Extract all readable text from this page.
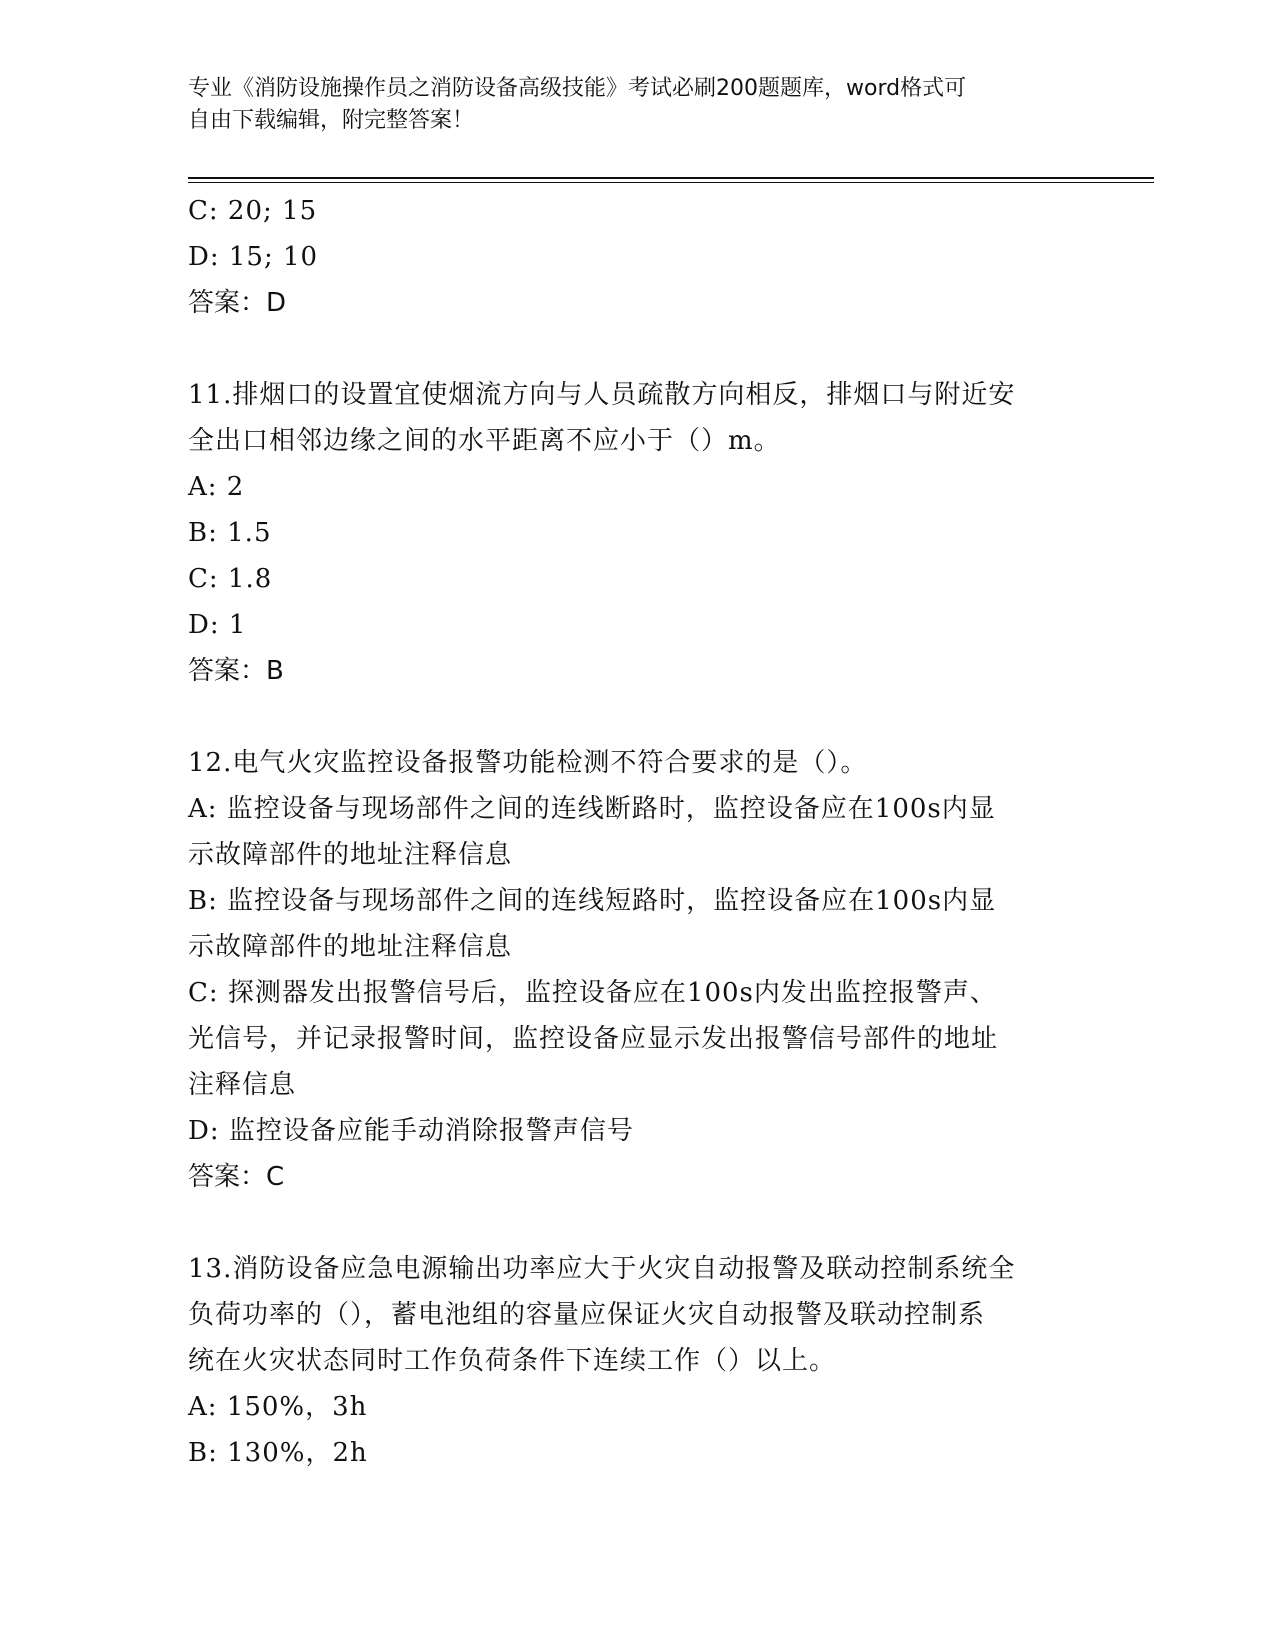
专业《消防设施操作员之消防设备高级技能》考试必刷200题题库，word格式可
自由下载编辑，附完整答案！
C: 20; 15
D: 15; 10
答案：D
11.排烟口的设置宜使烟流方向与人员疏散方向相反，排烟口与附近安
全出口相邻边缘之间的水平距离不应小于（）m。
A: 2
B: 1.5
C: 1.8
D: 1
答案：B
12.电气火灾监控设备报警功能检测不符合要求的是（）。
A: 监控设备与现场部件之间的连线断路时，监控设备应在100s内显
示故障部件的地址注释信息
B: 监控设备与现场部件之间的连线短路时，监控设备应在100s内显
示故障部件的地址注释信息
C: 探测器发出报警信号后，监控设备应在100s内发出监控报警声、
光信号，并记录报警时间，监控设备应显示发出报警信号部件的地址
注释信息
D: 监控设备应能手动消除报警声信号
答案：C
13.消防设备应急电源输出功率应大于火灾自动报警及联动控制系统全
负荷功率的（），蓄电池组的容量应保证火灾自动报警及联动控制系
统在火灾状态同时工作负荷条件下连续工作（）以上。
A: 150%，3h
B: 130%，2h
